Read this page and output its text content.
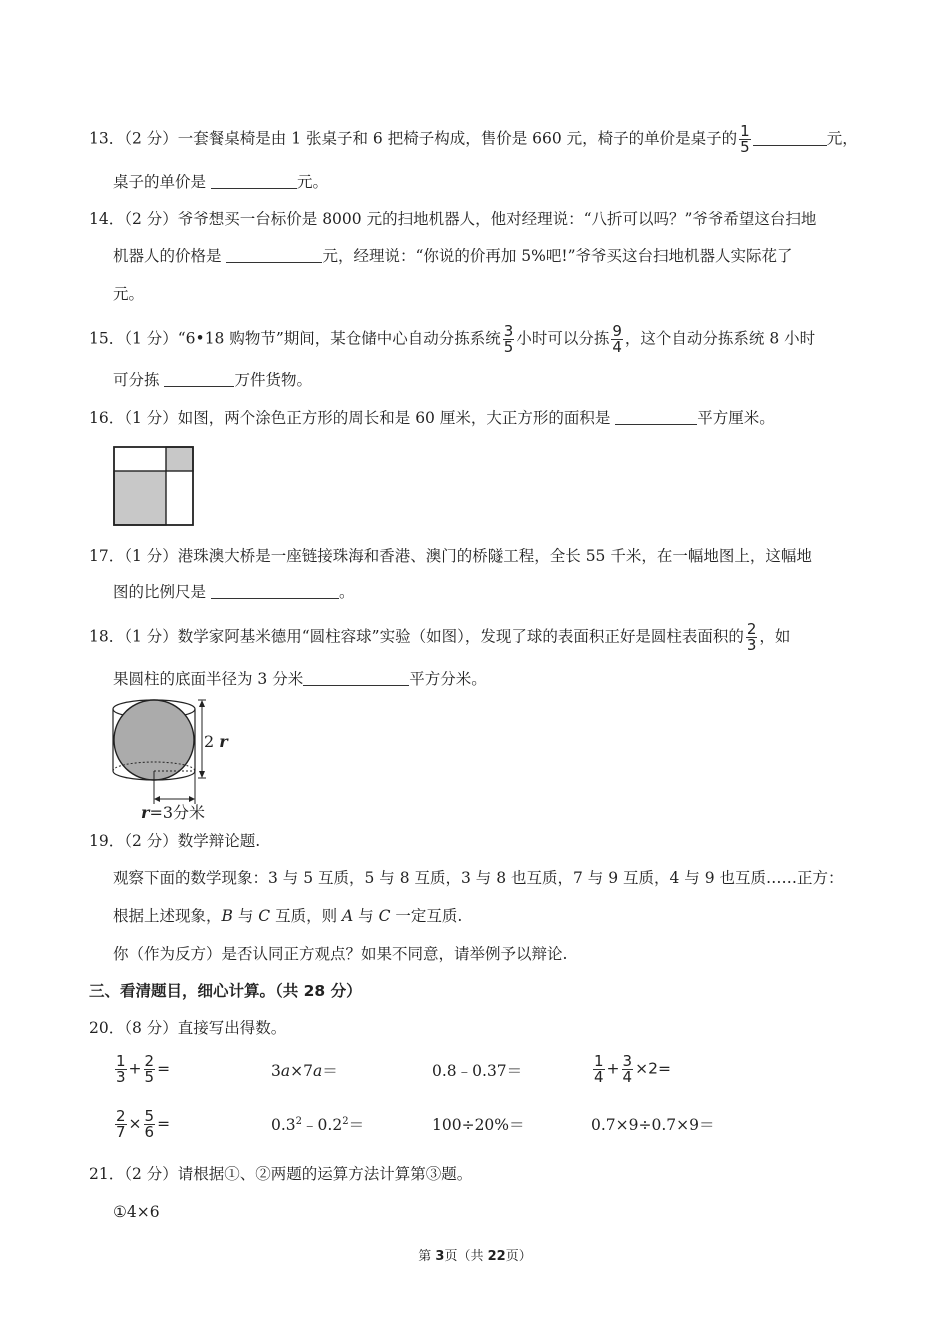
13．（2 分）一套餐桌椅是由 1 张桌子和 6 把椅子构成，售价是 660 元，椅子的单价是桌子的 $\frac{1}{5}$	元，
桌子的单价是	元。
14．（2 分）爷爷想买一台标价是 8000 元的扫地机器人，他对经理说：“八折可以吗？”爷爷希望这台扫地
机器人的价格是	元，经理说：“你说的价再加 5%吧!”爷爷买这台扫地机器人实际花了
元。
15．（1 分）“6•18 购物节”期间，某仓储中心自动分拣系统 $\frac{3}{5}$ 小时可以分拣 $\frac{9}{4}$ ，这个自动分拣系统 8 小时
可分拣	万件货物。
16．（1 分）如图，两个涂色正方形的周长和是 60 厘米，大正方形的面积是	平方厘米。
17．（1 分）港珠澳大桥是一座链接珠海和香港、澳门的桥隧工程，全长 55 千米，在一幅地图上，这幅地
图的比例尺是	。
18．（1 分）数学家阿基米德用“圆柱容球”实验（如图），发现了球的表面积正好是圆柱表面积的 $\frac{2}{3}$ ，如
果圆柱的底面半径为 3 分米	平方分米。
2 r
r=3分米
19．（2 分）数学辩论题.
观察下面的数学现象：3 与 5 互质，5 与 8 互质，3 与 8 也互质，7 与 9 互质，4 与 9 也互质……正方：
根据上述现象，B 与 C 互质，则 A 与 C 一定互质.
你（作为反方）是否认同正方观点？如果不同意，请举例予以辩论.
三、看清题目，细心计算。（共 28 分）
20．（8 分）直接写出得数。
$\frac{1}{3} + \frac{2}{5}$ =	3a×7a＝	0.8﹣0.37＝	$\frac{1}{4} + \frac{3}{4} \times 2=$
$\frac{2}{7} \times \frac{5}{6}$ =	$0.3^2﹣0.2^2=$	100÷20%＝	0.7×9÷0.7×9＝
21．（2 分）请根据①、②两题的运算方法计算第③题。
①4×6
第 3页（共 22页）
